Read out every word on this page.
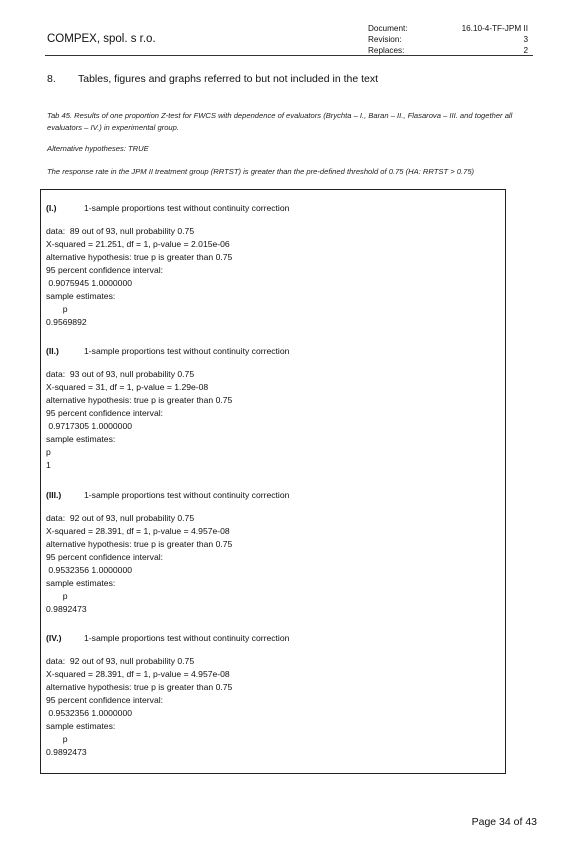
COMPEX, spol. s r.o.
Document:	16.10-4-TF-JPM II
Revision:	3
Replaces:	2
8.	Tables, figures and graphs referred to but not included in the text
Tab 45. Results of one proportion Z-test for FWCS with dependence of evaluators (Brychta – I., Baran – II., Flasarova – III. and together all evaluators – IV.) in experimental group.
Alternative hypotheses: TRUE
The response rate in the JPM II treatment group (RRTST) is greater than the pre-defined threshold of 0.75 (HA: RRTST > 0.75)
(I.)	1-sample proportions test without continuity correction
data:  89 out of 93, null probability 0.75
X-squared = 21.251, df = 1, p-value = 2.015e-06
alternative hypothesis: true p is greater than 0.75
95 percent confidence interval:
0.9075945 1.0000000
sample estimates:
p
0.9569892
(II.)	1-sample proportions test without continuity correction
data:  93 out of 93, null probability 0.75
X-squared = 31, df = 1, p-value = 1.29e-08
alternative hypothesis: true p is greater than 0.75
95 percent confidence interval:
0.9717305 1.0000000
sample estimates:
p
1
(III.)	1-sample proportions test without continuity correction
data:  92 out of 93, null probability 0.75
X-squared = 28.391, df = 1, p-value = 4.957e-08
alternative hypothesis: true p is greater than 0.75
95 percent confidence interval:
0.9532356 1.0000000
sample estimates:
p
0.9892473
(IV.)	1-sample proportions test without continuity correction
data:  92 out of 93, null probability 0.75
X-squared = 28.391, df = 1, p-value = 4.957e-08
alternative hypothesis: true p is greater than 0.75
95 percent confidence interval:
0.9532356 1.0000000
sample estimates:
p
0.9892473
Page 34 of 43
